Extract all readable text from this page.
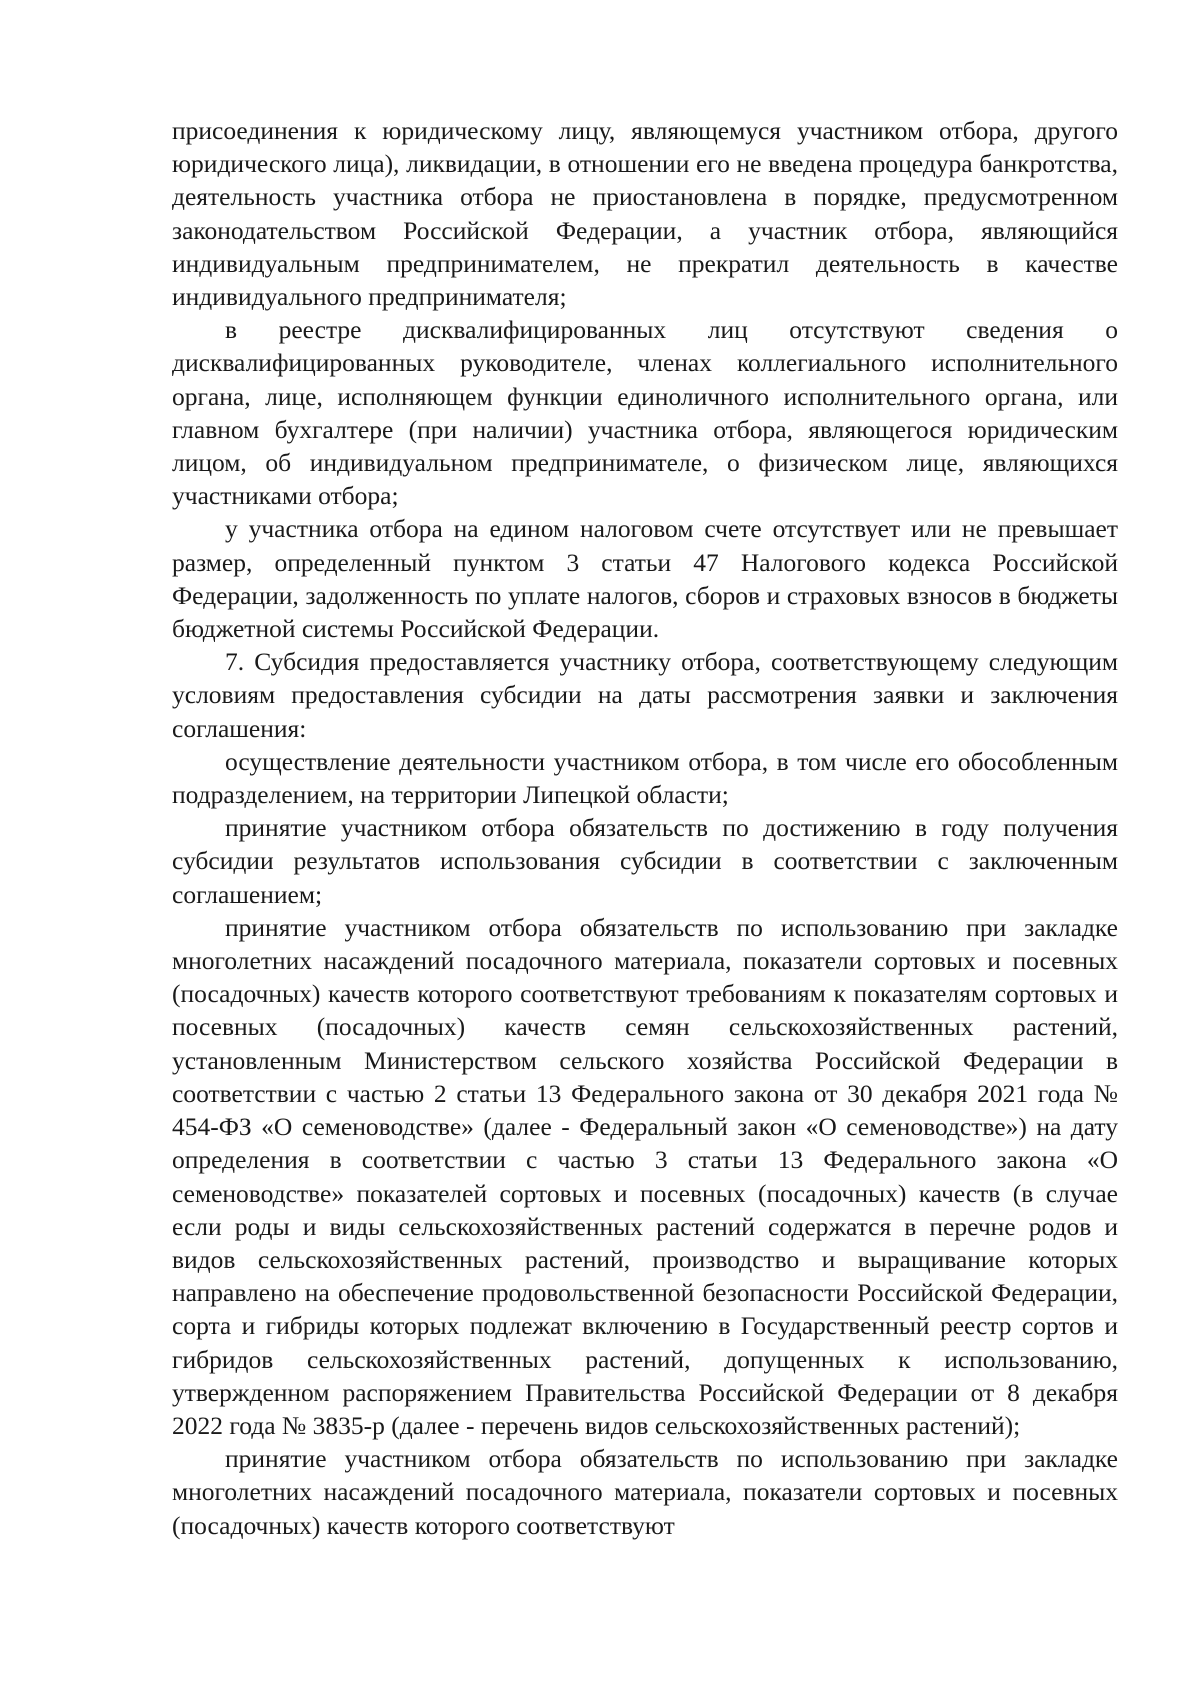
присоединения к юридическому лицу, являющемуся участником отбора, другого юридического лица), ликвидации, в отношении его не введена процедура банкротства, деятельность участника отбора не приостановлена в порядке, предусмотренном законодательством Российской Федерации, а участник отбора, являющийся индивидуальным предпринимателем, не прекратил деятельность в качестве индивидуального предпринимателя;

в реестре дисквалифицированных лиц отсутствуют сведения о дисквалифицированных руководителе, членах коллегиального исполнительного органа, лице, исполняющем функции единоличного исполнительного органа, или главном бухгалтере (при наличии) участника отбора, являющегося юридическим лицом, об индивидуальном предпринимателе, о физическом лице, являющихся участниками отбора;

у участника отбора на едином налоговом счете отсутствует или не превышает размер, определенный пунктом 3 статьи 47 Налогового кодекса Российской Федерации, задолженность по уплате налогов, сборов и страховых взносов в бюджеты бюджетной системы Российской Федерации.

7. Субсидия предоставляется участнику отбора, соответствующему следующим условиям предоставления субсидии на даты рассмотрения заявки и заключения соглашения:

осуществление деятельности участником отбора, в том числе его обособленным подразделением, на территории Липецкой области;

принятие участником отбора обязательств по достижению в году получения субсидии результатов использования субсидии в соответствии с заключенным соглашением;

принятие участником отбора обязательств по использованию при закладке многолетних насаждений посадочного материала, показатели сортовых и посевных (посадочных) качеств которого соответствуют требованиям к показателям сортовых и посевных (посадочных) качеств семян сельскохозяйственных растений, установленным Министерством сельского хозяйства Российской Федерации в соответствии с частью 2 статьи 13 Федерального закона от 30 декабря 2021 года № 454-ФЗ «О семеноводстве» (далее - Федеральный закон «О семеноводстве») на дату определения в соответствии с частью 3 статьи 13 Федерального закона «О семеноводстве» показателей сортовых и посевных (посадочных) качеств (в случае если роды и виды сельскохозяйственных растений содержатся в перечне родов и видов сельскохозяйственных растений, производство и выращивание которых направлено на обеспечение продовольственной безопасности Российской Федерации, сорта и гибриды которых подлежат включению в Государственный реестр сортов и гибридов сельскохозяйственных растений, допущенных к использованию, утвержденном распоряжением Правительства Российской Федерации от 8 декабря 2022 года № 3835-р (далее - перечень видов сельскохозяйственных растений);

принятие участником отбора обязательств по использованию при закладке многолетних насаждений посадочного материала, показатели сортовых и посевных (посадочных) качеств которого соответствуют
